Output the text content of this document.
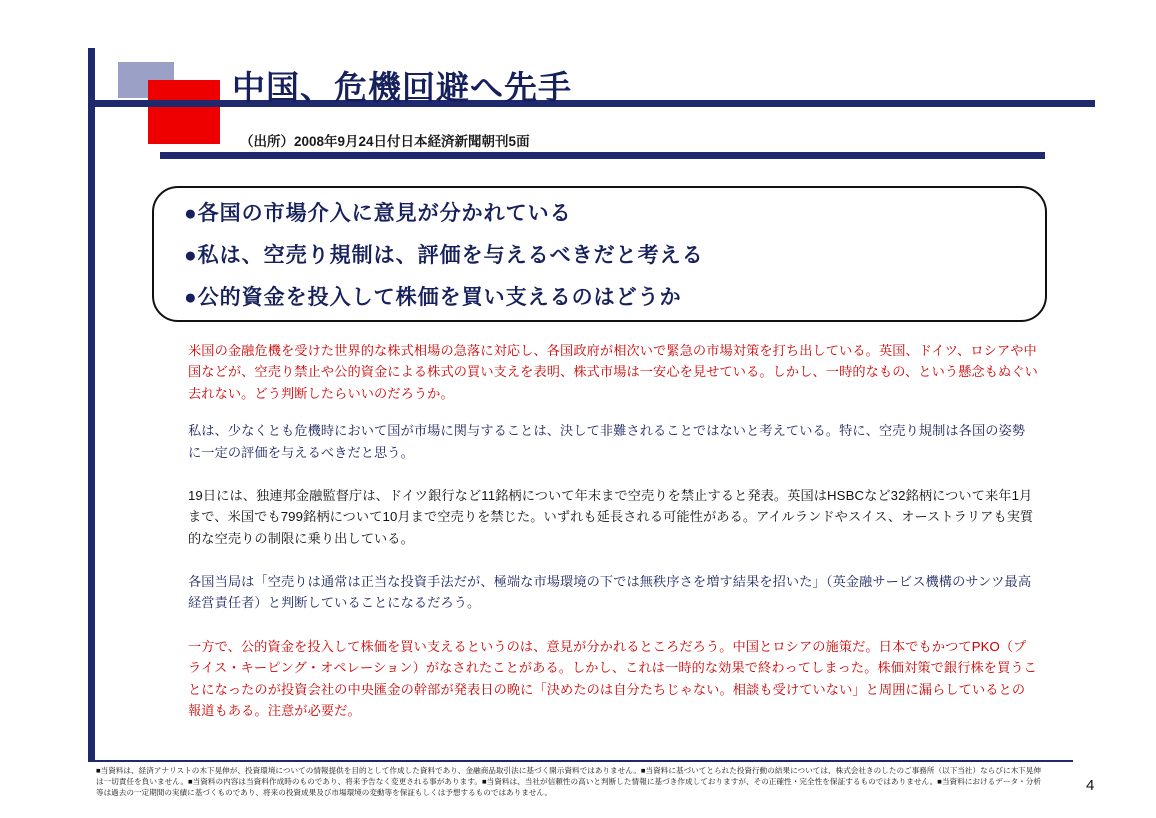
中国、危機回避へ先手
（出所）2008年9月24日付日本経済新聞朝刊5面
●各国の市場介入に意見が分かれている
●私は、空売り規制は、評価を与えるべきだと考える
●公的資金を投入して株価を買い支えるのはどうか
米国の金融危機を受けた世界的な株式相場の急落に対応し、各国政府が相次いで緊急の市場対策を打ち出している。英国、ドイツ、ロシアや中国などが、空売り禁止や公的資金による株式の買い支えを表明、株式市場は一安心を見せている。しかし、一時的なもの、という懸念もぬぐい去れない。どう判断したらいいのだろうか。
私は、少なくとも危機時において国が市場に関与することは、決して非難されることではないと考えている。特に、空売り規制は各国の姿勢に一定の評価を与えるべきだと思う。
19日には、独連邦金融監督庁は、ドイツ銀行など11銘柄について年末まで空売りを禁止すると発表。英国はHSBCなど32銘柄について来年1月まで、米国でも799銘柄について10月まで空売りを禁じた。いずれも延長される可能性がある。アイルランドやスイス、オーストラリアも実質的な空売りの制限に乗り出している。
各国当局は「空売りは通常は正当な投資手法だが、極端な市場環境の下では無秩序さを増す結果を招いた」（英金融サービス機構のサンツ最高経営責任者）と判断していることになるだろう。
一方で、公的資金を投入して株価を買い支えるというのは、意見が分かれるところだろう。中国とロシアの施策だ。日本でもかつてPKO（プライス・キーピング・オペレーション）がなされたことがある。しかし、これは一時的な効果で終わってしまった。株価対策で銀行株を買うことになったのが投資会社の中央匯金の幹部が発表日の晩に「決めたのは自分たちじゃない。相談も受けていない」と周囲に漏らしているとの報道もある。注意が必要だ。
■当資料は、経済アナリストの木下晃伸が、投資環境についての情報提供を目的として作成した資料であり、金融商品取引法に基づく開示資料ではありません。■当資料に基づいてとられた投資行動の結果については、株式会社きのしたのご事務所（以下当社）ならびに木下晃伸は一切責任を負いません。■当資料の内容は当資料作成時のものであり、将来予告なく変更される事があります。■当資料は、当社が信頼性の高いと判断した情報に基づき作成しておりますが、その正確性・完全性を保証するものではありません。■当資料におけるデータ・分析等は過去の一定期間の実績に基づくものであり、将来の投資成果及び市場環境の変動等を保証もしくは予想するものではありません。	4
